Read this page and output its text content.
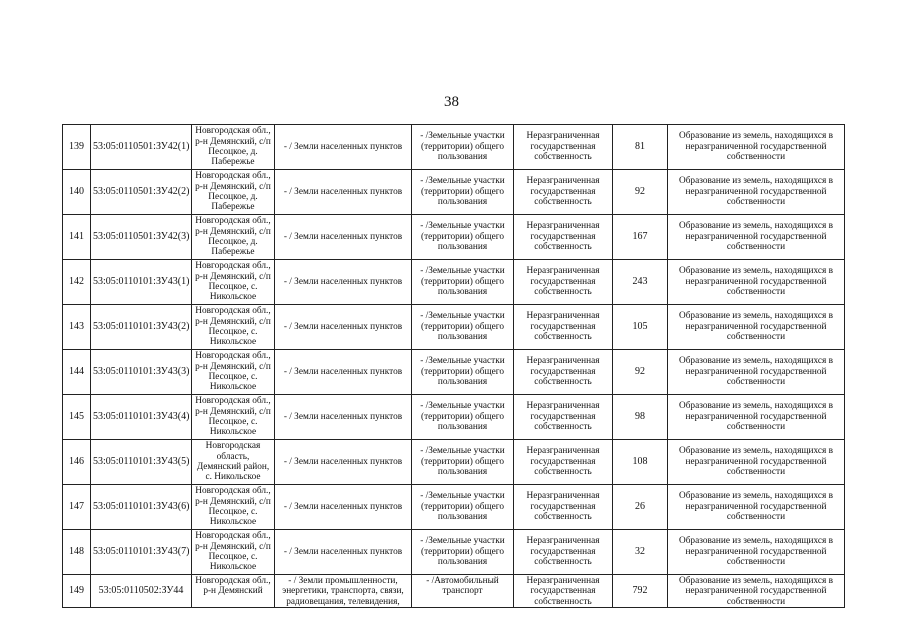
38
139	53:05:0110501:ЗУ42(1)	Новгородская обл., р-н Демянский, с/п Песоцкое, д. Пабережье	- / Земли населенных пунктов	- /Земельные участки (территории) общего пользования	Неразграниченная государственная собственность	81	Образование из земель, находящихся в неразграниченной государственной собственности
140	53:05:0110501:ЗУ42(2)	Новгородская обл., р-н Демянский, с/п Песоцкое, д. Пабережье	- / Земли населенных пунктов	- /Земельные участки (территории) общего пользования	Неразграниченная государственная собственность	92	Образование из земель, находящихся в неразграниченной государственной собственности
141	53:05:0110501:ЗУ42(3)	Новгородская обл., р-н Демянский, с/п Песоцкое, д. Пабережье	- / Земли населенных пунктов	- /Земельные участки (территории) общего пользования	Неразграниченная государственная собственность	167	Образование из земель, находящихся в неразграниченной государственной собственности
142	53:05:0110101:ЗУ43(1)	Новгородская обл., р-н Демянский, с/п Песоцкое, с. Никольское	- / Земли населенных пунктов	- /Земельные участки (территории) общего пользования	Неразграниченная государственная собственность	243	Образование из земель, находящихся в неразграниченной государственной собственности
143	53:05:0110101:ЗУ43(2)	Новгородская обл., р-н Демянский, с/п Песоцкое, с. Никольское	- / Земли населенных пунктов	- /Земельные участки (территории) общего пользования	Неразграниченная государственная собственность	105	Образование из земель, находящихся в неразграниченной государственной собственности
144	53:05:0110101:ЗУ43(3)	Новгородская обл., р-н Демянский, с/п Песоцкое, с. Никольское	- / Земли населенных пунктов	- /Земельные участки (территории) общего пользования	Неразграниченная государственная собственность	92	Образование из земель, находящихся в неразграниченной государственной собственности
145	53:05:0110101:ЗУ43(4)	Новгородская обл., р-н Демянский, с/п Песоцкое, с. Никольское	- / Земли населенных пунктов	- /Земельные участки (территории) общего пользования	Неразграниченная государственная собственность	98	Образование из земель, находящихся в неразграниченной государственной собственности
146	53:05:0110101:ЗУ43(5)	Новгородская область, Демянский район, с. Никольское	- / Земли населенных пунктов	- /Земельные участки (территории) общего пользования	Неразграниченная государственная собственность	108	Образование из земель, находящихся в неразграниченной государственной собственности
147	53:05:0110101:ЗУ43(6)	Новгородская обл., р-н Демянский, с/п Песоцкое, с. Никольское	- / Земли населенных пунктов	- /Земельные участки (территории) общего пользования	Неразграниченная государственная собственность	26	Образование из земель, находящихся в неразграниченной государственной собственности
148	53:05:0110101:ЗУ43(7)	Новгородская обл., р-н Демянский, с/п Песоцкое, с. Никольское	- / Земли населенных пунктов	- /Земельные участки (территории) общего пользования	Неразграниченная государственная собственность	32	Образование из земель, находящихся в неразграниченной государственной собственности
149	53:05:0110502:ЗУ44	Новгородская обл., р-н Демянский	- / Земли промышленности, энергетики, транспорта, связи, радиовещания, телевидения,	- /Автомобильный транспорт	Неразграниченная государственная собственность	792	Образование из земель, находящихся в неразграниченной государственной собственности
